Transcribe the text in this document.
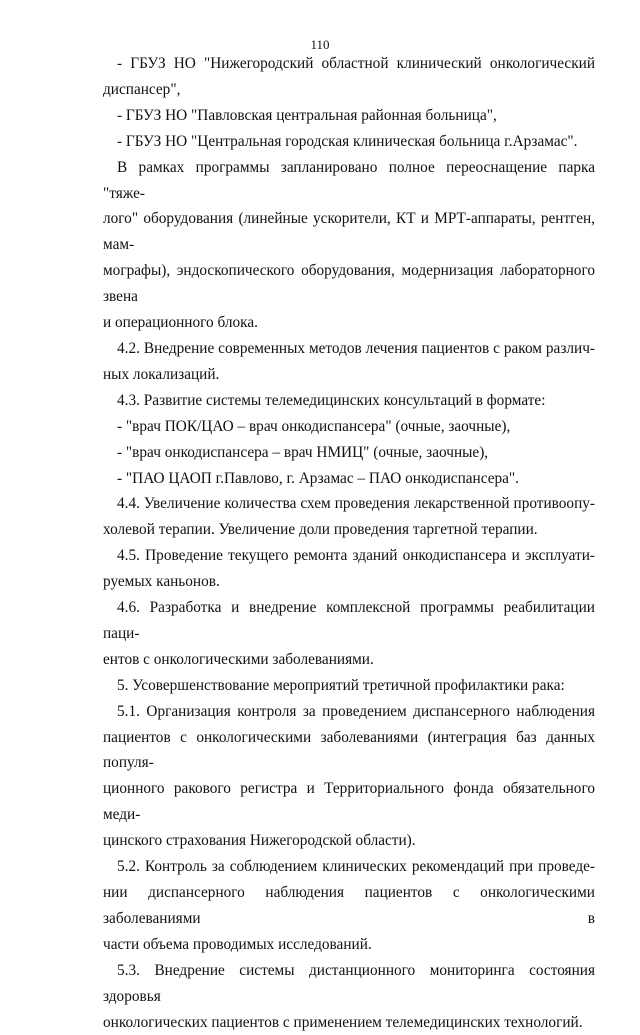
110

- ГБУЗ НО "Нижегородский областной клинический онкологический
диспансер",

- ГБУЗ НО "Павловская центральная районная больница",

- ГБУЗ НО "Центральная городская клиническая больница г.Арзамас".

В рамках программы запланировано полное переоснащение парка "тяже-
лого" оборудования (линейные ускорители, КТ и МРТ-аппараты, рентген, мам-
мографы), эндоскопического оборудования, модернизация лабораторного звена
и операционного блока.

4.2. Внедрение современных методов лечения пациентов с раком различ-
ных локализаций.

4.3. Развитие системы телемедицинских консультаций в формате:

- "врач ПОК/ЦАО – врач онкодиспансера" (очные, заочные),

- "врач онкодиспансера – врач НМИЦ" (очные, заочные),

- "ПАО ЦАОП г.Павлово, г. Арзамас – ПАО онкодиспансера".

4.4. Увеличение количества схем проведения лекарственной противоопу-
холевой терапии. Увеличение доли проведения таргетной терапии.

4.5. Проведение текущего ремонта зданий онкодиспансера и эксплуати-
руемых каньонов.

4.6. Разработка и внедрение комплексной программы реабилитации паци-
ентов с онкологическими заболеваниями.

5. Усовершенствование мероприятий третичной профилактики рака:

5.1. Организация контроля за проведением диспансерного наблюдения
пациентов с онкологическими заболеваниями (интеграция баз данных популя-
ционного ракового регистра и Территориального фонда обязательного меди-
цинского страхования Нижегородской области).

5.2. Контроль за соблюдением клинических рекомендаций при проведе-
нии диспансерного наблюдения пациентов с онкологическими заболеваниями в
части объема проводимых исследований.

5.3. Внедрение системы дистанционного мониторинга состояния здоровья
онкологических пациентов с применением телемедицинских технологий.
